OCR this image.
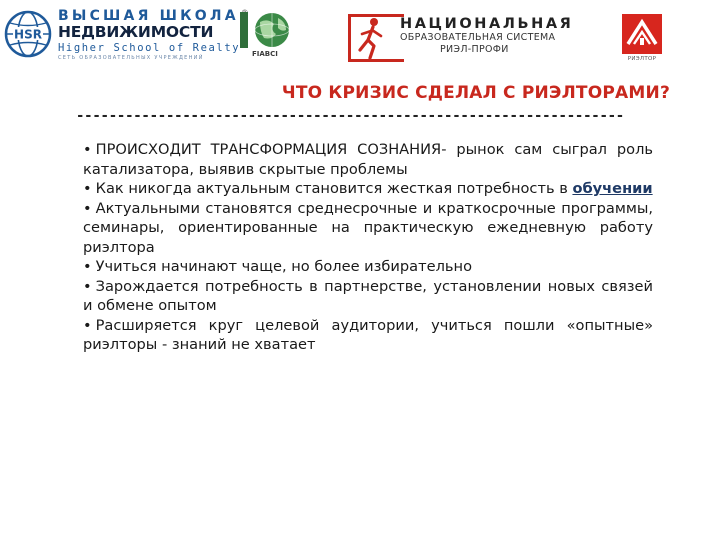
HSR
ВЫСШАЯ ШКОЛА
НЕДВИЖИМОСТИ
Higher School of Realty
СЕТЬ ОБРАЗОВАТЕЛЬНЫХ УЧРЕЖДЕНИЙ	FIABCI
НАЦИОНАЛЬНАЯ
ОБРАЗОВАТЕЛЬНАЯ СИСТЕМА
РИЭЛ-ПРОФИ
РИЭЛТОР
ЧТО КРИЗИС СДЕЛАЛ С РИЭЛТОРАМИ?
-------------------------------------------------------------------

• ПРОИСХОДИТ ТРАНСФОРМАЦИЯ СОЗНАНИЯ- рынок сам сыграл роль катализатора, выявив скрытые проблемы

• Как никогда актуальным становится жесткая потребность в обучении

• Актуальными становятся среднесрочные и краткосрочные программы, семинары, ориентированные на практическую ежедневную работу риэлтора

• Учиться начинают чаще, но более избирательно

• Зарождается потребность в партнерстве, установлении новых связей и обмене опытом

• Расширяется круг целевой аудитории, учиться пошли «опытные» риэлторы - знаний не хватает
